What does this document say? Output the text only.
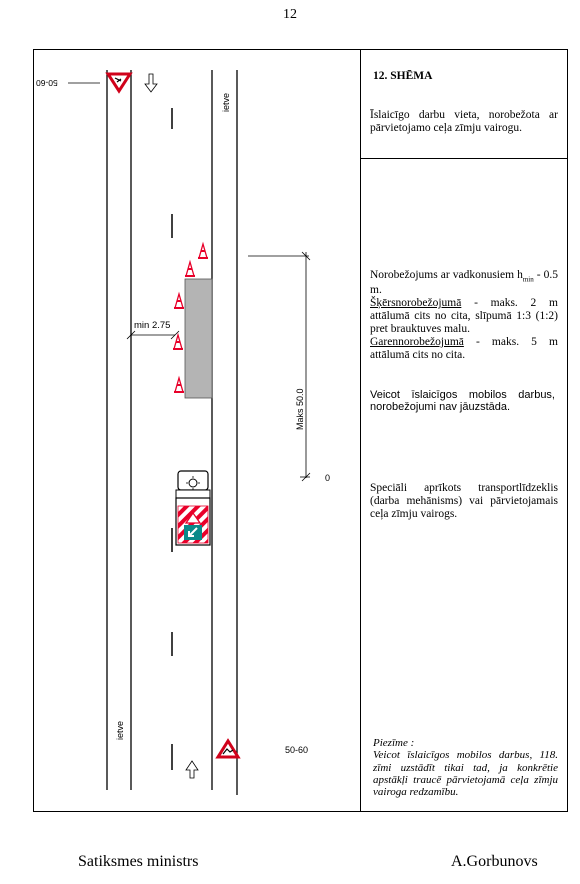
12
50-60
min 2.75
Maks 50.0
0
50-60
ietve
ietve
12. SHĒMA
Īslaicīgo darbu vieta, norobežota ar pārvietojamo ceļa zīmju vairogu.
Norobežojums ar vadkonusiem $h_{min} - 0.5$ m.
Šķērsnorobežojumā - maks. 2 m attālumā cits no cita, slīpumā 1:3 (1:2) pret brauktuves malu.
Garennorobežojumā - maks. 5 m attālumā cits no cita.
Veicot īslaicīgos mobilos darbus, norobežojumi nav jāuzstāda.
Speciāli aprīkots transportlīdzeklis (darba mehānisms) vai pārvietojamais ceļa zīmju vairogs.
Piezīme :
Veicot īslaicīgos mobilos darbus, 118. zīmi uzstādīt tikai tad, ja konkrētie apstākļi traucē pārvietojamā ceļa zīmju vairoga redzamību.
Satiksmes ministrs	A.Gorbunovs
